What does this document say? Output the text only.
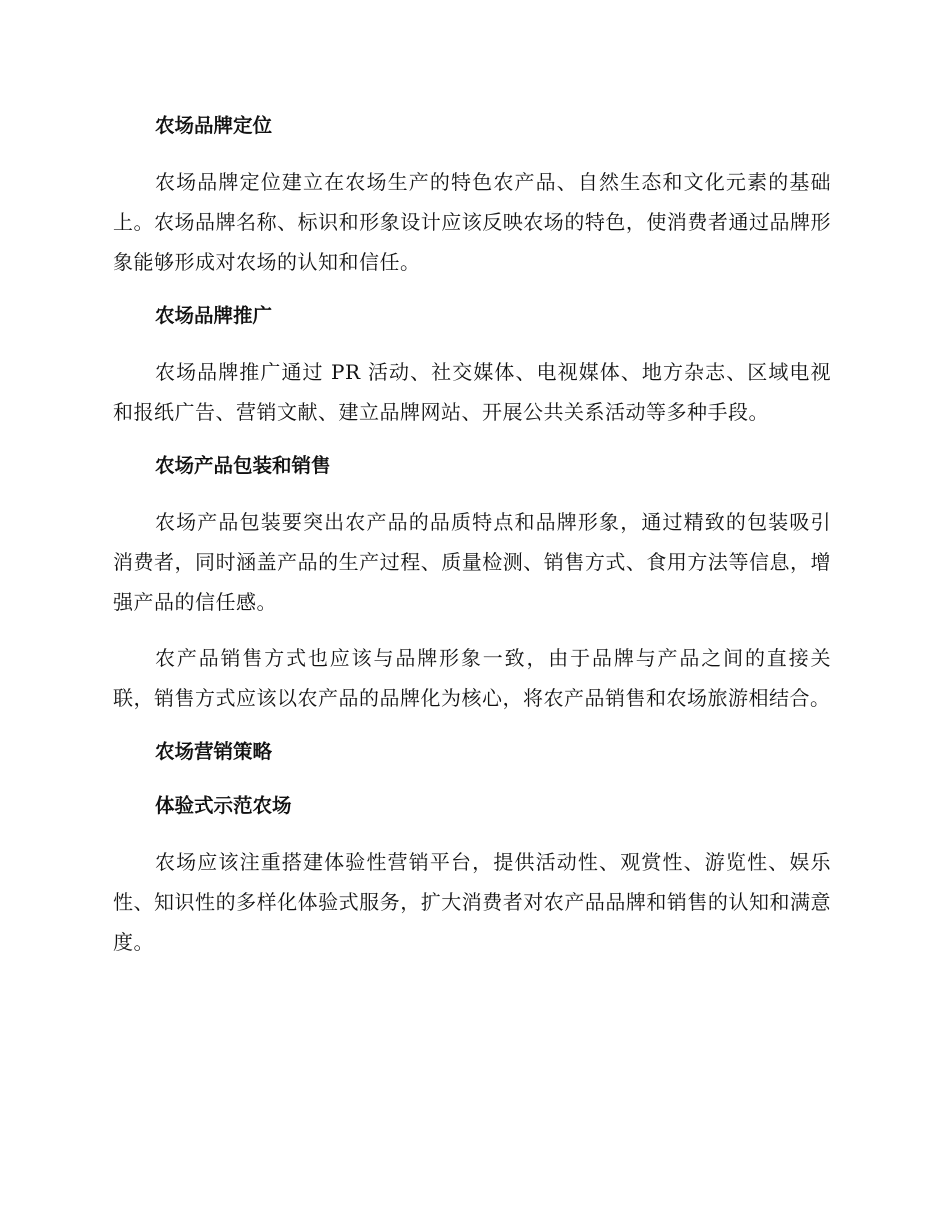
农场品牌定位

农场品牌定位建立在农场生产的特色农产品、自然生态和文化元素的基础上。农场品牌名称、标识和形象设计应该反映农场的特色，使消费者通过品牌形象能够形成对农场的认知和信任。

农场品牌推广

农场品牌推广通过 PR 活动、社交媒体、电视媒体、地方杂志、区域电视和报纸广告、营销文献、建立品牌网站、开展公共关系活动等多种手段。

农场产品包装和销售

农场产品包装要突出农产品的品质特点和品牌形象，通过精致的包装吸引消费者，同时涵盖产品的生产过程、质量检测、销售方式、食用方法等信息，增强产品的信任感。

农产品销售方式也应该与品牌形象一致，由于品牌与产品之间的直接关联，销售方式应该以农产品的品牌化为核心，将农产品销售和农场旅游相结合。

农场营销策略
体验式示范农场

农场应该注重搭建体验性营销平台，提供活动性、观赏性、游览性、娱乐性、知识性的多样化体验式服务，扩大消费者对农产品品牌和销售的认知和满意度。
